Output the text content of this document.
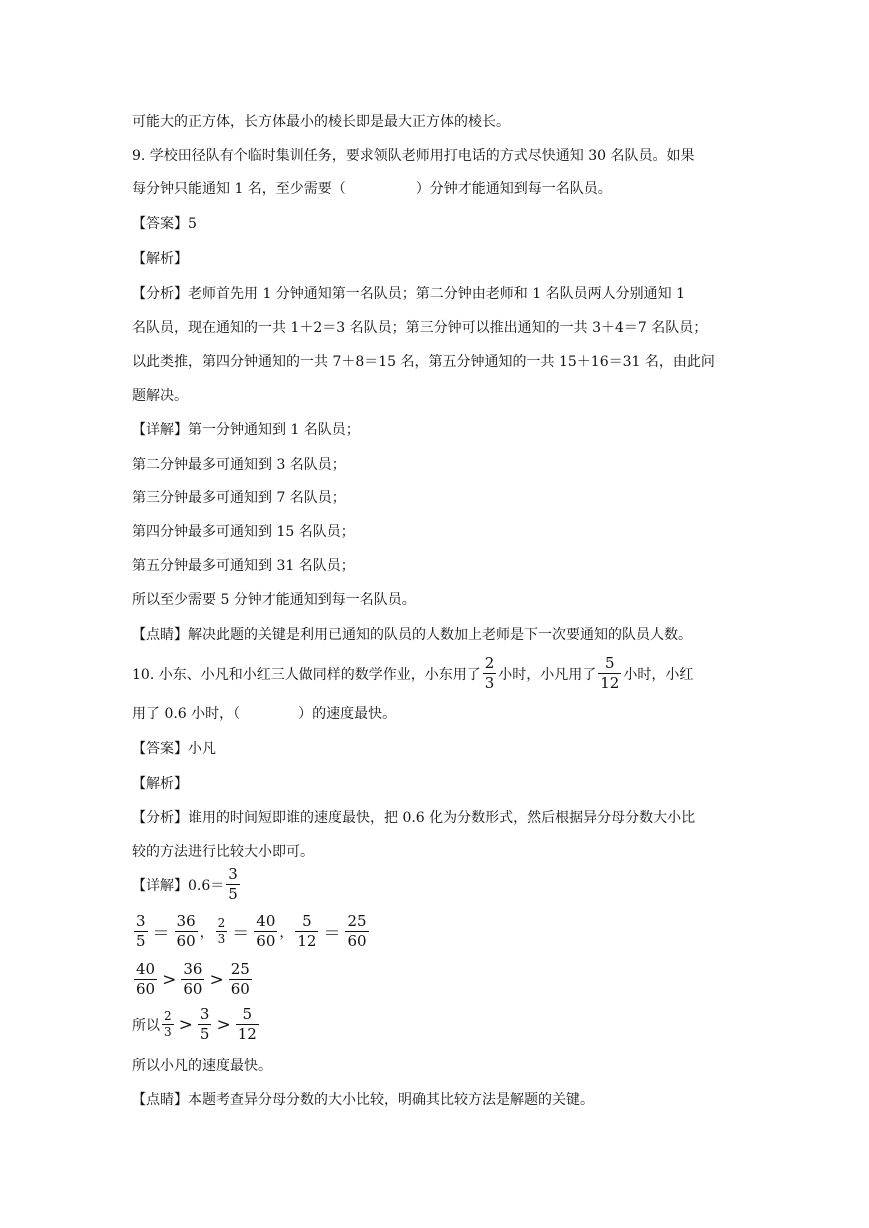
可能大的正方体，长方体最小的棱长即是最大正方体的棱长。
9. 学校田径队有个临时集训任务，要求领队老师用打电话的方式尽快通知 30 名队员。如果
每分钟只能通知 1 名，至少需要（	）分钟才能通知到每一名队员。
【答案】5
【解析】
【分析】老师首先用 1 分钟通知第一名队员；第二分钟由老师和 1 名队员两人分别通知 1
名队员，现在通知的一共 1＋2＝3 名队员；第三分钟可以推出通知的一共 3＋4＝7 名队员；
以此类推，第四分钟通知的一共 7＋8＝15 名，第五分钟通知的一共 15＋16＝31 名，由此问
题解决。
【详解】第一分钟通知到 1 名队员；
第二分钟最多可通知到 3 名队员；
第三分钟最多可通知到 7 名队员；
第四分钟最多可通知到 15 名队员；
第五分钟最多可通知到 31 名队员；
所以至少需要 5 分钟才能通知到每一名队员。
【点睛】解决此题的关键是利用已通知的队员的人数加上老师是下一次要通知的队员人数。
10. 小东、小凡和小红三人做同样的数学作业，小东用了 $\frac{2}{3}$ 小时，小凡用了 $\frac{5}{12}$ 小时，小红
用了 0.6 小时，（	）的速度最快。
【答案】小凡
【解析】
【分析】谁用的时间短即谁的速度最快，把 0.6 化为分数形式，然后根据异分母分数大小比
较的方法进行比较大小即可。
【详解】$0.6= \frac{3}{5}$
$\frac{3}{5} = \frac{36}{60}$ ， $\frac{2}{3} = \frac{40}{60}$ ， $\frac{5}{12} = \frac{25}{60}$
$\frac{40}{60} > \frac{36}{60} > \frac{25}{60}$
所以 $\frac{2}{3} > \frac{3}{5} > \frac{5}{12}$
所以小凡的速度最快。
【点睛】本题考查异分母分数的大小比较，明确其比较方法是解题的关键。
